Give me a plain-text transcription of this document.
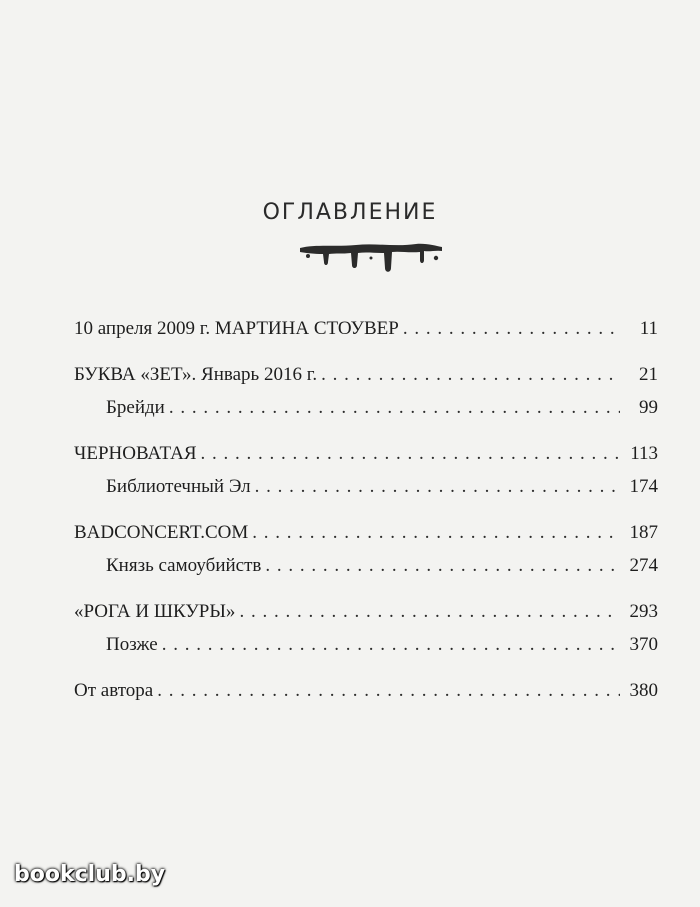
ОГЛАВЛЕНИЕ
10 апреля 2009 г. МАРТИНА СТОУВЕР . . .	11
БУКВА «ЗЕТ». Январь 2016 г. . . .	21
Брейди . . .	99
ЧЕРНОВАТАЯ . . .	113
Библиотечный Эл . . .	174
BADCONCERT.COM . . .	187
Князь самоубийств . . .	274
«РОГА И ШКУРЫ» . . .	293
Позже . . .	370
От автора . . .	380
bookclub.by
